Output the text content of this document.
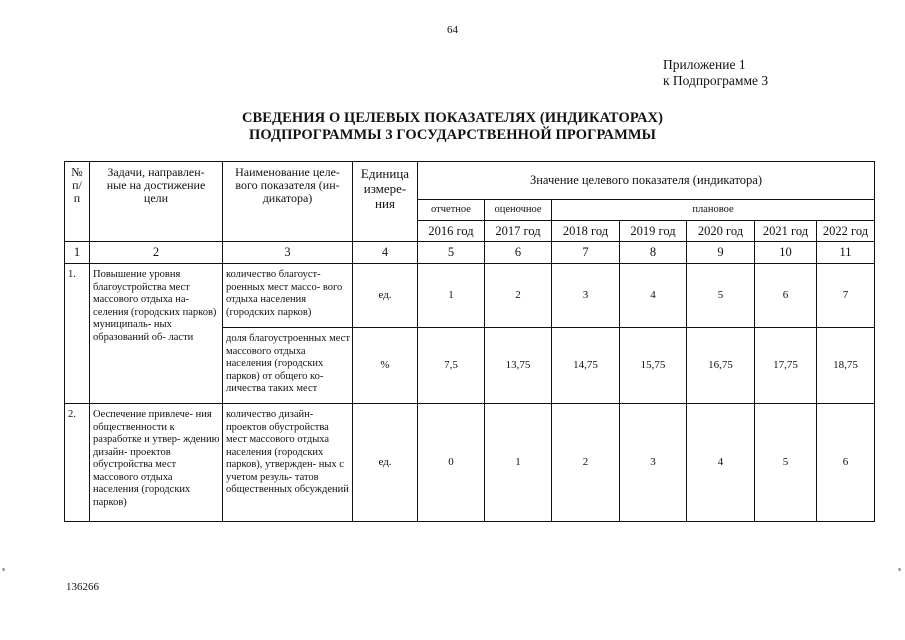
64
Приложение 1
к Подпрограмме 3
СВЕДЕНИЯ О ЦЕЛЕВЫХ ПОКАЗАТЕЛЯХ (ИНДИКАТОРАХ)
ПОДПРОГРАММЫ 3 ГОСУДАРСТВЕННОЙ ПРОГРАММЫ
№ п/ п	Задачи, направлен- ные на достижение цели	Наименование целе- вого показателя (ин- дикатора)	Единица измере- ния	Значение целевого показателя (индикатора)						
				отчетное	оценочное	плановое				
				2016 год	2017 год	2018 год	2019 год	2020 год	2021 год	2022 год
1	2	3	4	5	6	7	8	9	10	11
1.	Повышение уровня благоустройства мест массового отдыха на- селения (городских парков) муниципаль- ных образований об- ласти	количество благоуст- роенных мест массо- вого отдыха населения (городских парков)	ед.	1	2	3	4	5	6	7
		доля благоустроенных мест массового отдыха населения (городских парков) от общего ко- личества таких мест	%	7,5	13,75	14,75	15,75	16,75	17,75	18,75
2.	Оеспечение привлече- ния общественности к разработке и утвер- ждению дизайн- проектов обустройства мест массового отдыха населения (городских парков)	количество дизайн- проектов обустройства мест массового отдыха населения (городских парков), утвержден- ных с учетом резуль- татов общественных обсуждений	ед.	0	1	2	3	4	5	6
136266
